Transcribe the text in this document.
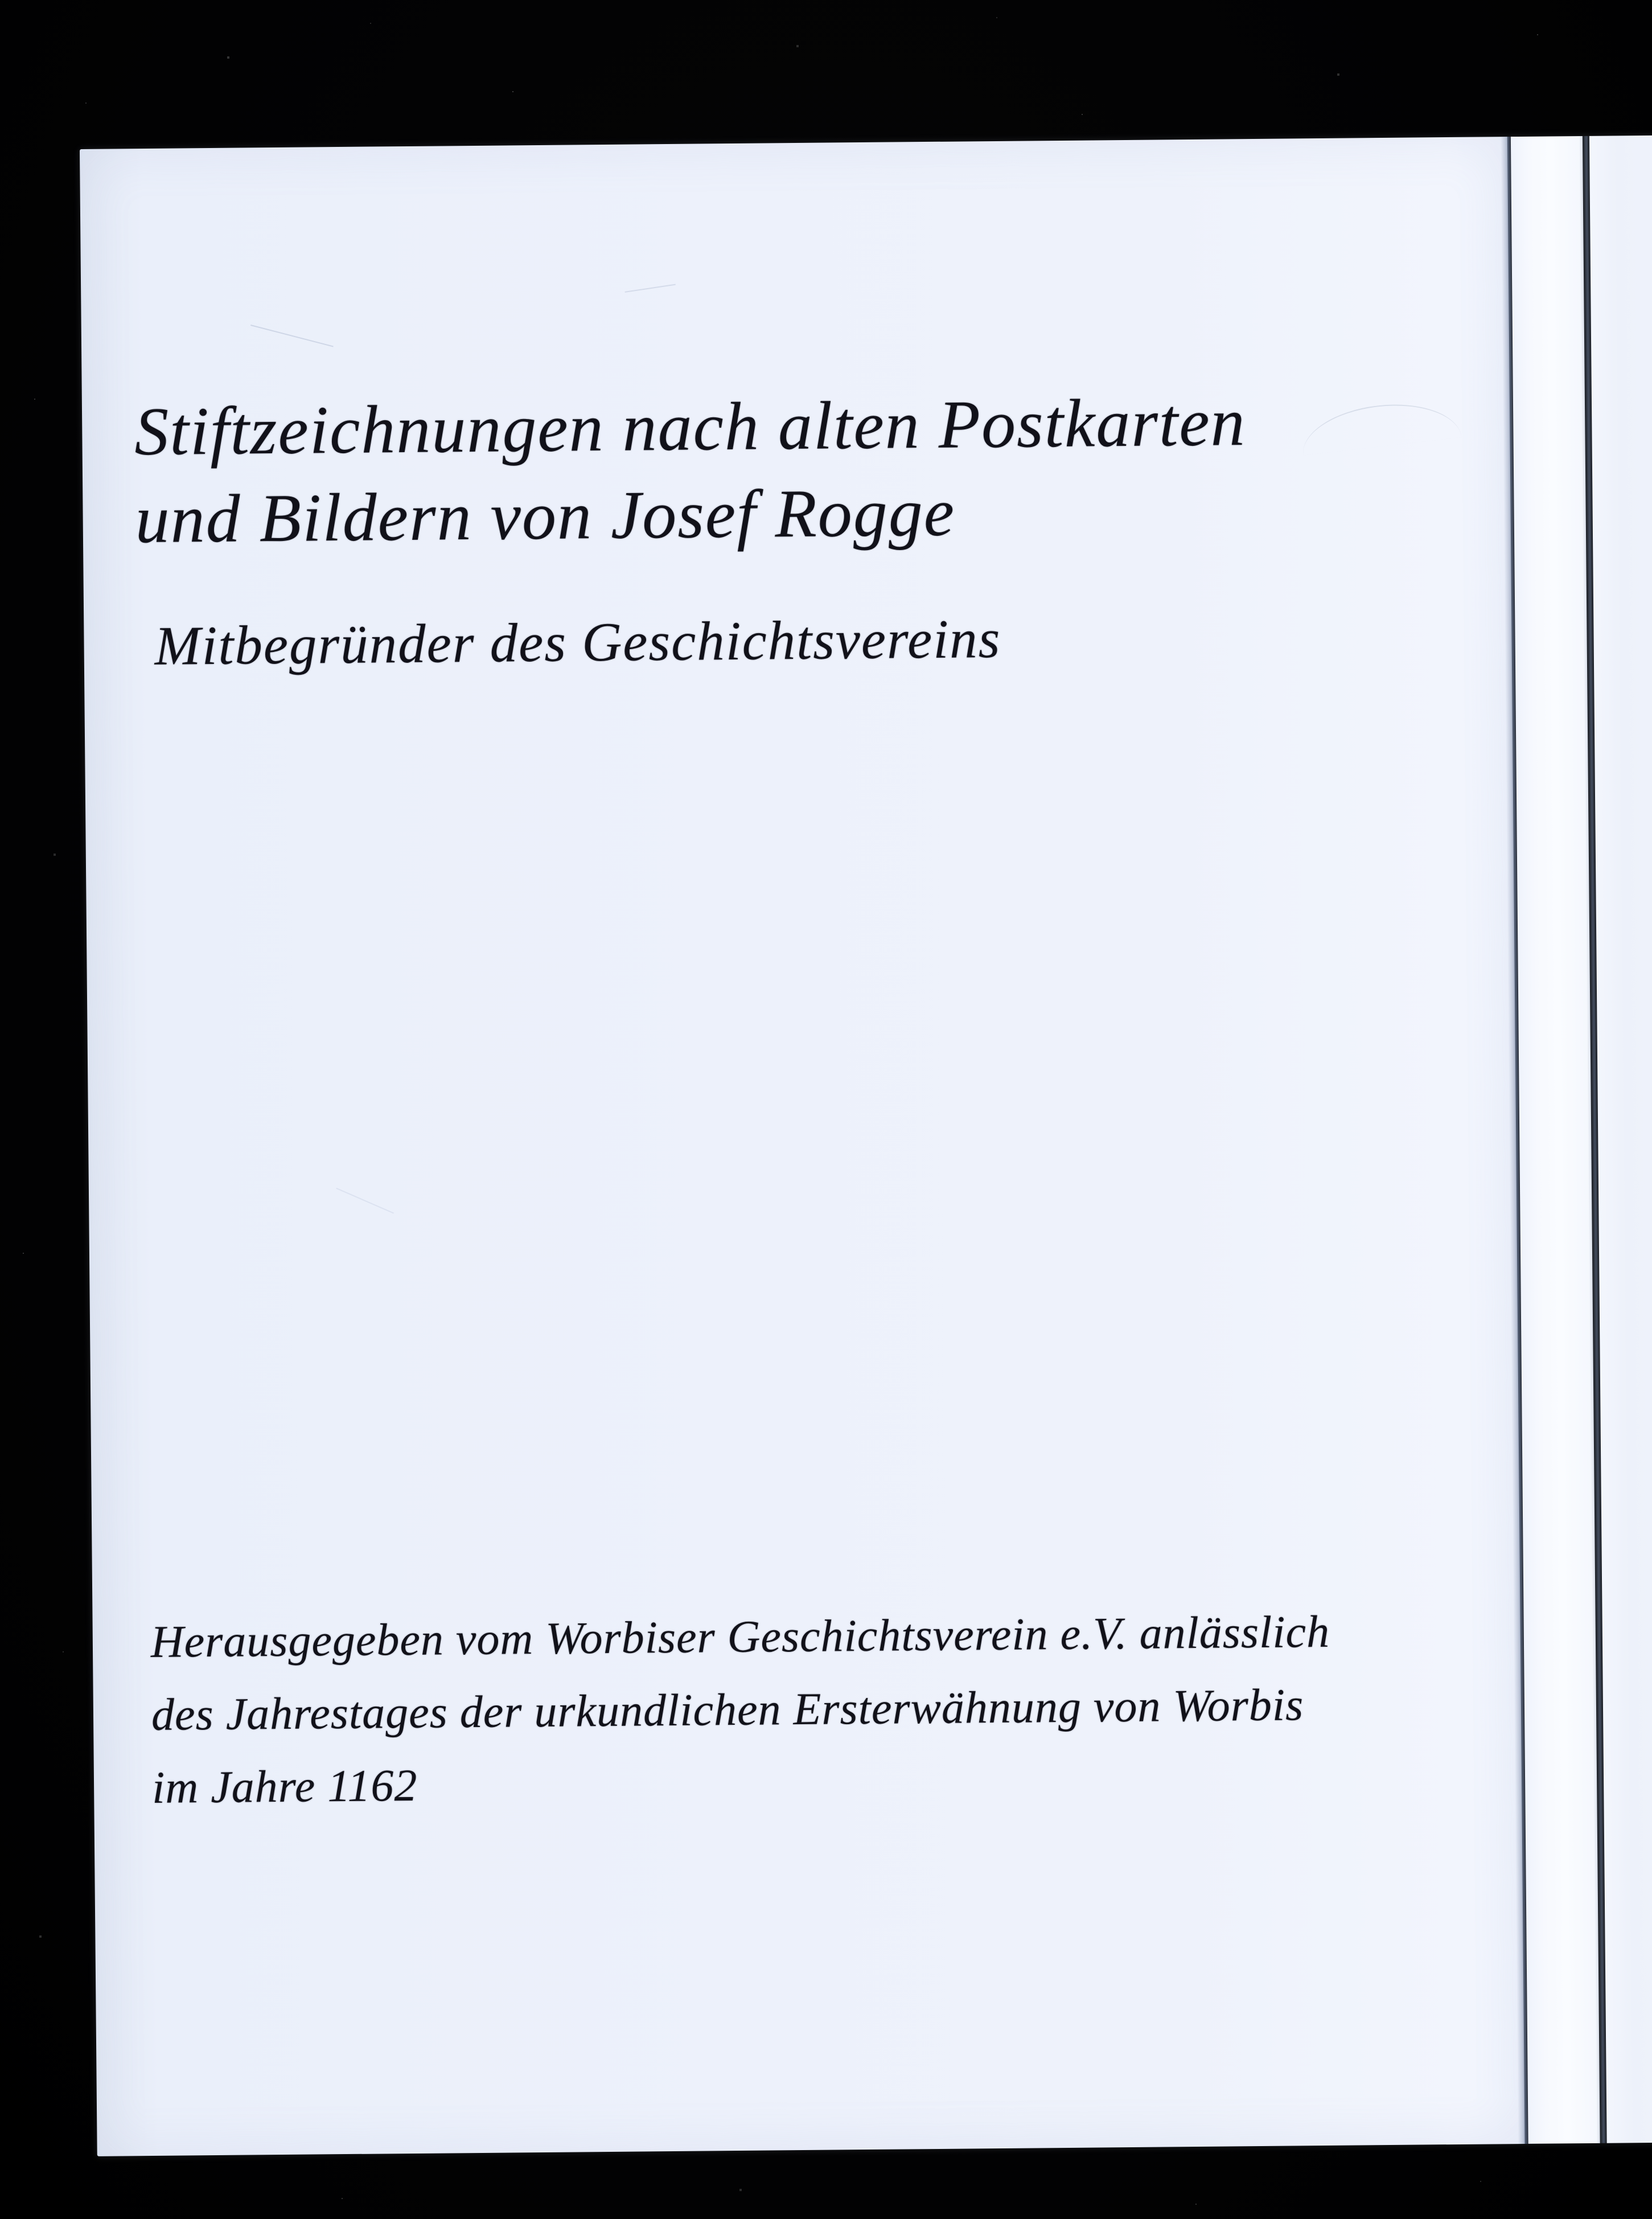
Stiftzeichnungen nach alten Postkarten
und Bildern von Josef Rogge
Mitbegründer des Geschichtsvereins
Herausgegeben vom Worbiser Geschichtsverein e.V. anlässlich
des Jahrestages der urkundlichen Ersterwähnung von Worbis
im Jahre 1162
